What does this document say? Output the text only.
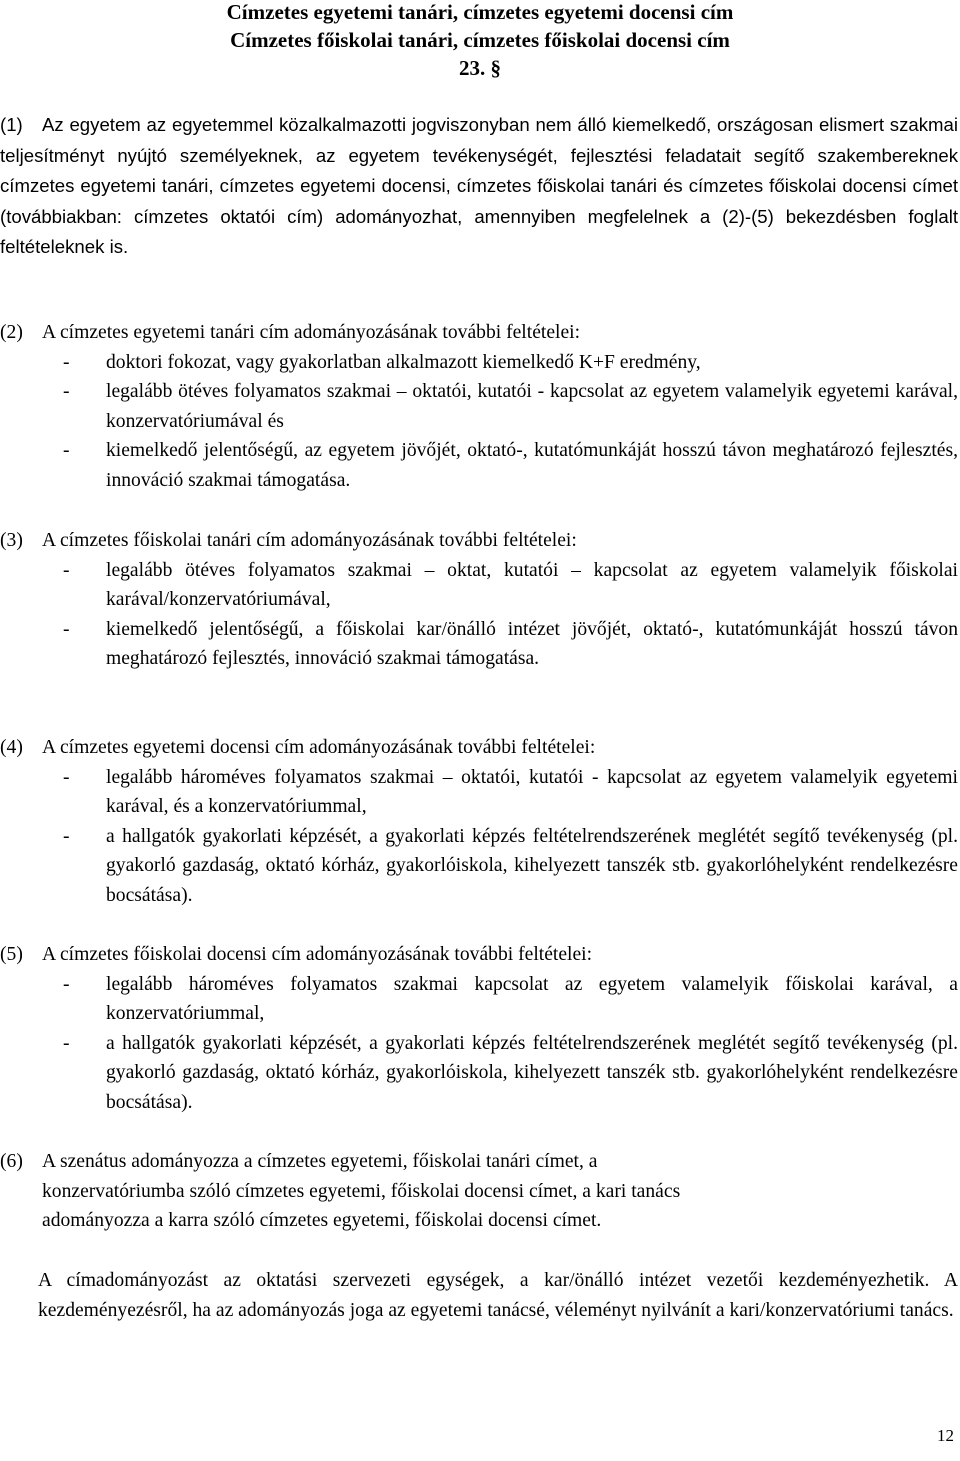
Címzetes egyetemi tanári, címzetes egyetemi docensi cím
Címzetes főiskolai tanári, címzetes főiskolai docensi cím
23. §
(1) Az egyetem az egyetemmel közalkalmazotti jogviszonyban nem álló kiemelkedő, országosan elismert szakmai teljesítményt nyújtó személyeknek, az egyetem tevékenységét, fejlesztési feladatait segítő szakembereknek címzetes egyetemi tanári, címzetes egyetemi docensi, címzetes főiskolai tanári és címzetes főiskolai docensi címet (továbbiakban: címzetes oktatói cím) adományozhat, amennyiben megfelelnek a (2)-(5) bekezdésben foglalt feltételeknek is.

(2) A címzetes egyetemi tanári cím adományozásának további feltételei:

- doktori fokozat, vagy gyakorlatban alkalmazott kiemelkedő K+F eredmény,
- legalább ötéves folyamatos szakmai – oktatói, kutatói - kapcsolat az egyetem valamelyik egyetemi karával, konzervatóriumával és
- kiemelkedő jelentőségű, az egyetem jövőjét, oktató-, kutatómunkáját hosszú távon meghatározó fejlesztés, innováció szakmai támogatása.

(3) A címzetes főiskolai tanári cím adományozásának további feltételei:

- legalább ötéves folyamatos szakmai – oktat, kutatói – kapcsolat az egyetem valamelyik főiskolai karával/konzervatóriumával,
- kiemelkedő jelentőségű, a főiskolai kar/önálló intézet jövőjét, oktató-, kutatómunkáját hosszú távon meghatározó fejlesztés, innováció szakmai támogatása.

(4) A címzetes egyetemi docensi cím adományozásának további feltételei:

- legalább hároméves folyamatos szakmai – oktatói, kutatói - kapcsolat az egyetem valamelyik egyetemi karával, és a konzervatóriummal,
- a hallgatók gyakorlati képzését, a gyakorlati képzés feltételrendszerének meglétét segítő tevékenység (pl. gyakorló gazdaság, oktató kórház, gyakorlóiskola, kihelyezett tanszék stb. gyakorlóhelyként rendelkezésre bocsátása).

(5) A címzetes főiskolai docensi cím adományozásának további feltételei:

- legalább hároméves folyamatos szakmai kapcsolat az egyetem valamelyik főiskolai karával, a konzervatóriummal,
- a hallgatók gyakorlati képzését, a gyakorlati képzés feltételrendszerének meglétét segítő tevékenység (pl. gyakorló gazdaság, oktató kórház, gyakorlóiskola, kihelyezett tanszék stb. gyakorlóhelyként rendelkezésre bocsátása).
(6) A szenátus adományozza a címzetes egyetemi, főiskolai tanári címet, a
konzervatóriumba szóló címzetes egyetemi, főiskolai docensi címet, a kari tanács
adományozza a karra szóló címzetes egyetemi, főiskolai docensi címet.
A címadományozást az oktatási szervezeti egységek, a kar/önálló intézet vezetői kezdeményezhetik. A kezdeményezésről, ha az adományozás joga az egyetemi tanácsé, véleményt nyilvánít a kari/konzervatóriumi tanács.
12
